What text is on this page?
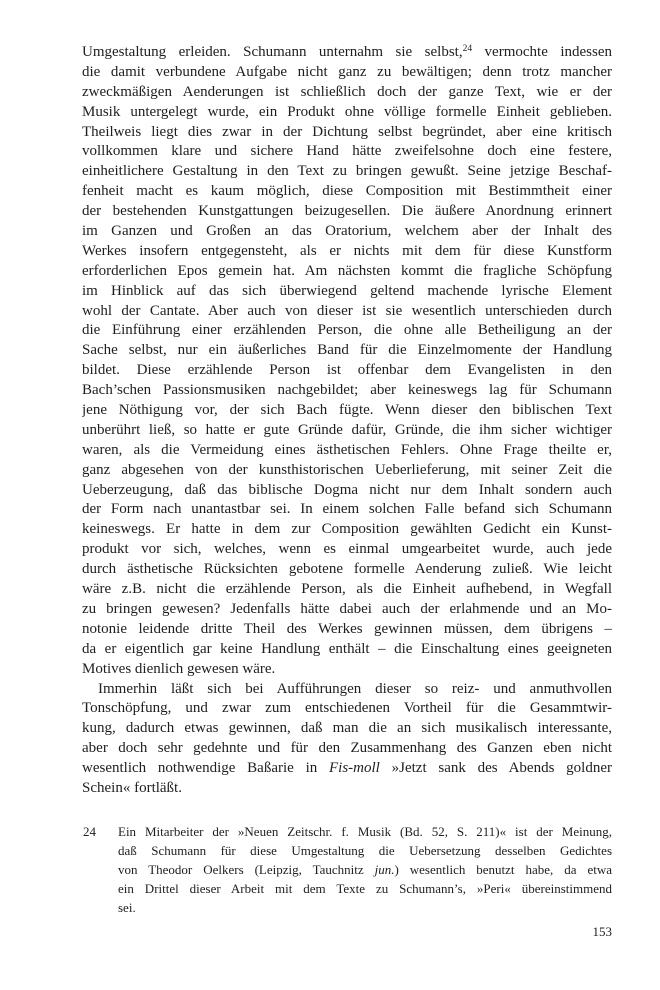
Umgestaltung erleiden. Schumann unternahm sie selbst,$^{24}$ vermochte indessen
die damit verbundene Aufgabe nicht ganz zu bewältigen; denn trotz mancher
zweckmäßigen Aenderungen ist schließlich doch der ganze Text, wie er der
Musik untergelegt wurde, ein Produkt ohne völlige formelle Einheit geblieben.
Theilweis liegt dies zwar in der Dichtung selbst begründet, aber eine kritisch
vollkommen klare und sichere Hand hätte zweifelsohne doch eine festere,
einheitlichere Gestaltung in den Text zu bringen gewußt. Seine jetzige Beschaf-
fenheit macht es kaum möglich, diese Composition mit Bestimmtheit einer
der bestehenden Kunstgattungen beizugesellen. Die äußere Anordnung erinnert
im Ganzen und Großen an das Oratorium, welchem aber der Inhalt des
Werkes insofern entgegensteht, als er nichts mit dem für diese Kunstform
erforderlichen Epos gemein hat. Am nächsten kommt die fragliche Schöpfung
im Hinblick auf das sich überwiegend geltend machende lyrische Element
wohl der Cantate. Aber auch von dieser ist sie wesentlich unterschieden durch
die Einführung einer erzählenden Person, die ohne alle Betheiligung an der
Sache selbst, nur ein äußerliches Band für die Einzelmomente der Handlung
bildet. Diese erzählende Person ist offenbar dem Evangelisten in den
Bach’schen Passionsmusiken nachgebildet; aber keineswegs lag für Schumann
jene Nöthigung vor, der sich Bach fügte. Wenn dieser den biblischen Text
unberührt ließ, so hatte er gute Gründe dafür, Gründe, die ihm sicher wichtiger
waren, als die Vermeidung eines ästhetischen Fehlers. Ohne Frage theilte er,
ganz abgesehen von der kunsthistorischen Ueberlieferung, mit seiner Zeit die
Ueberzeugung, daß das biblische Dogma nicht nur dem Inhalt sondern auch
der Form nach unantastbar sei. In einem solchen Falle befand sich Schumann
keineswegs. Er hatte in dem zur Composition gewählten Gedicht ein Kunst-
produkt vor sich, welches, wenn es einmal umgearbeitet wurde, auch jede
durch ästhetische Rücksichten gebotene formelle Aenderung zuließ. Wie leicht
wäre z.B. nicht die erzählende Person, als die Einheit aufhebend, in Wegfall
zu bringen gewesen? Jedenfalls hätte dabei auch der erlahmende und an Mo-
notonie leidende dritte Theil des Werkes gewinnen müssen, dem übrigens –
da er eigentlich gar keine Handlung enthält – die Einschaltung eines geeigneten
Motives dienlich gewesen wäre.
Immerhin läßt sich bei Aufführungen dieser so reiz- und anmuthvollen
Tonschöpfung, und zwar zum entschiedenen Vortheil für die Gesammtwir-
kung, dadurch etwas gewinnen, daß man die an sich musikalisch interessante,
aber doch sehr gedehnte und für den Zusammenhang des Ganzen eben nicht
wesentlich nothwendige Baßarie in Fis-moll »Jetzt sank des Abends goldner
Schein« fortläßt.
24 Ein Mitarbeiter der »Neuen Zeitschr. f. Musik (Bd. 52, S. 211)« ist der Meinung,
daß Schumann für diese Umgestaltung die Uebersetzung desselben Gedichtes
von Theodor Oelkers (Leipzig, Tauchnitz jun.) wesentlich benutzt habe, da etwa
ein Drittel dieser Arbeit mit dem Texte zu Schumann’s, »Peri« übereinstimmend
sei.
153
